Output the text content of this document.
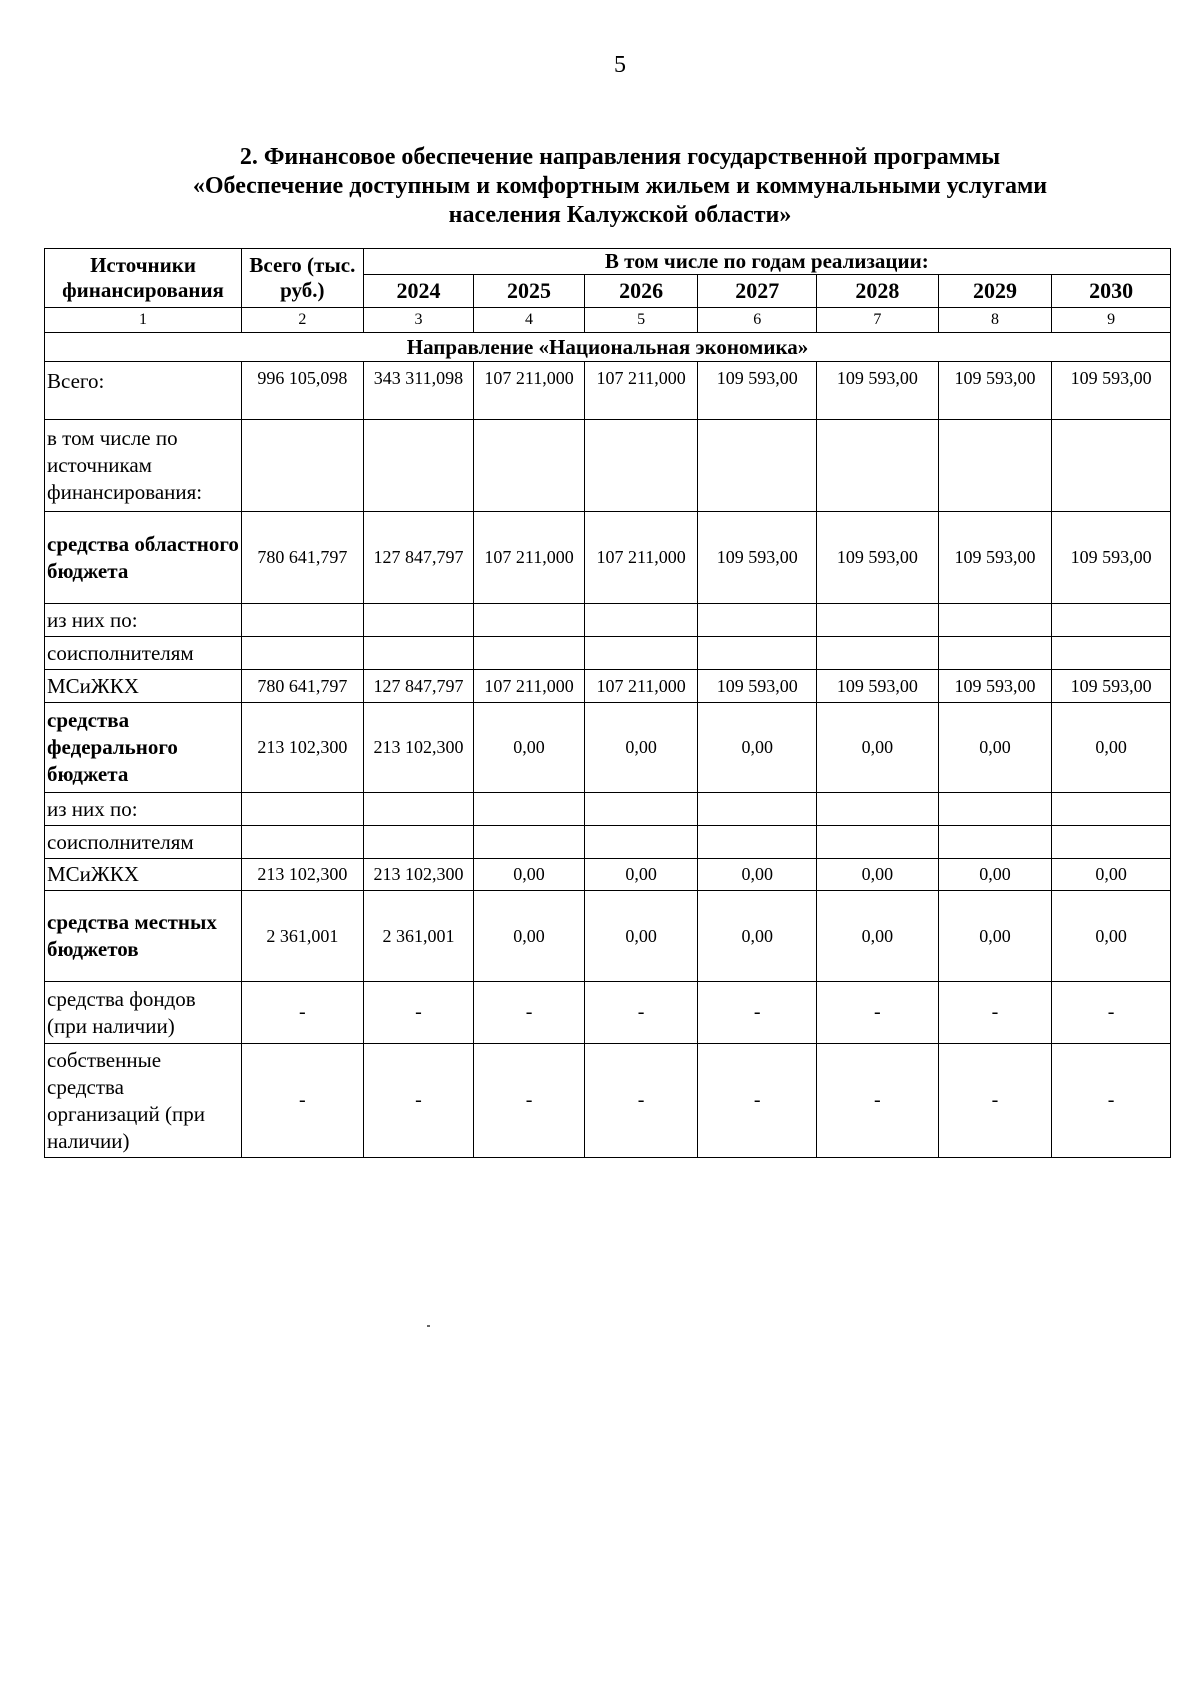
5
2. Финансовое обеспечение направления государственной программы
«Обеспечение доступным и комфортным жильем и коммунальными услугами
населения Калужской области»
Источники финансирования	Всего (тыс. руб.)	В том числе по годам реализации:						
		2024	2025	2026	2027	2028	2029	2030
1	2	3	4	5	6	7	8	9
Направление «Национальная экономика»								
Всего:	996 105,098	343 311,098	107 211,000	107 211,000	109 593,00	109 593,00	109 593,00	109 593,00
в том числе по источникам финансирования:								
средства областного бюджета	780 641,797	127 847,797	107 211,000	107 211,000	109 593,00	109 593,00	109 593,00	109 593,00
из них по:								
соисполнителям								
МСиЖКХ	780 641,797	127 847,797	107 211,000	107 211,000	109 593,00	109 593,00	109 593,00	109 593,00
средства федерального бюджета	213 102,300	213 102,300	0,00	0,00	0,00	0,00	0,00	0,00
из них по:								
соисполнителям								
МСиЖКХ	213 102,300	213 102,300	0,00	0,00	0,00	0,00	0,00	0,00
средства местных бюджетов	2 361,001	2 361,001	0,00	0,00	0,00	0,00	0,00	0,00
средства фондов (при наличии)	-	-	-	-	-	-	-	-
собственные средства организаций (при наличии)	-	-	-	-	-	-	-	-
